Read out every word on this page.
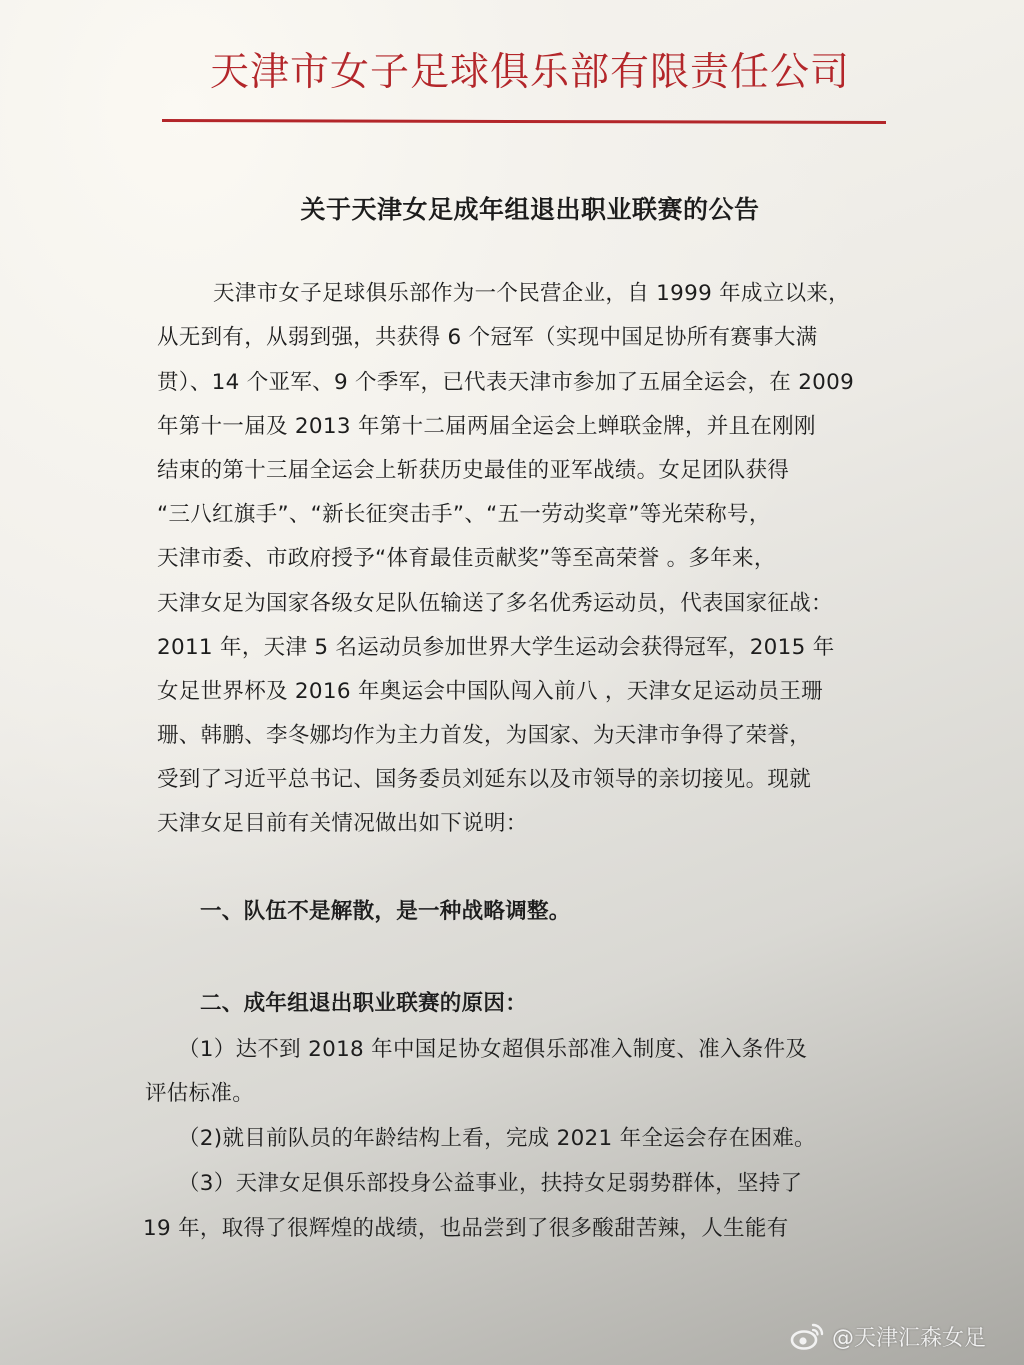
天津市女子足球俱乐部有限责任公司
关于天津女足成年组退出职业联赛的公告
天津市女子足球俱乐部作为一个民营企业，自 1999 年成立以来，
从无到有，从弱到强，共获得 6 个冠军（实现中国足协所有赛事大满
贯）、14 个亚军、9 个季军，已代表天津市参加了五届全运会，在 2009
年第十一届及 2013 年第十二届两届全运会上蝉联金牌，并且在刚刚
结束的第十三届全运会上斩获历史最佳的亚军战绩。女足团队获得
“三八红旗手”、“新长征突击手”、“五一劳动奖章”等光荣称号，
天津市委、市政府授予“体育最佳贡献奖”等至高荣誉 。多年来，
天津女足为国家各级女足队伍输送了多名优秀运动员，代表国家征战：
2011 年，天津 5 名运动员参加世界大学生运动会获得冠军，2015 年
女足世界杯及 2016 年奥运会中国队闯入前八 ，天津女足运动员王珊
珊、韩鹏、李冬娜均作为主力首发，为国家、为天津市争得了荣誉，
受到了习近平总书记、国务委员刘延东以及市领导的亲切接见。现就
天津女足目前有关情况做出如下说明：
一、队伍不是解散，是一种战略调整。
二、成年组退出职业联赛的原因：
（1）达不到 2018 年中国足协女超俱乐部准入制度、准入条件及
评估标准。
（2)就目前队员的年龄结构上看，完成 2021 年全运会存在困难。
（3）天津女足俱乐部投身公益事业，扶持女足弱势群体，坚持了
19 年，取得了很辉煌的战绩，也品尝到了很多酸甜苦辣，人生能有
@天津汇森女足
